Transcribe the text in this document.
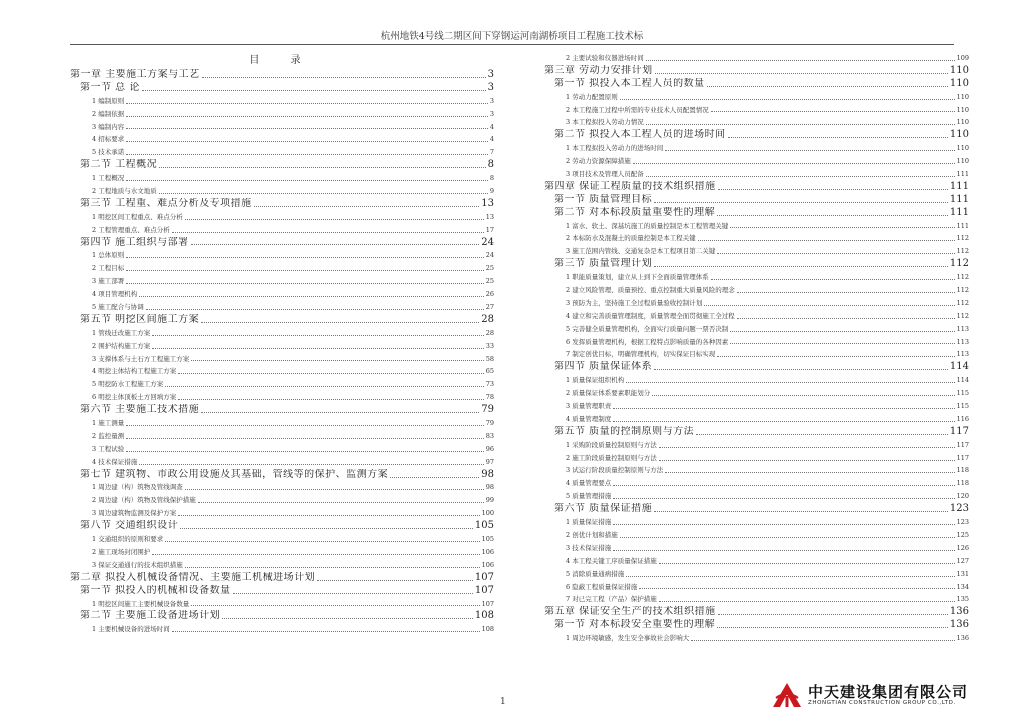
杭州地铁4号线二期区间下穿钢运河南湖桥项目工程施工技术标
目 录
第一章 主要施工方案与工艺	3
第一节 总 论	3
1 编制原则	3
2 编制依据	3
3 编制内容	4
4 招标要求	4
5 技术承诺	7
第二节 工程概况	8
1 工程概况	8
2 工程地质与水文地质	9
第三节 工程重、难点分析及专项措施	13
1 明挖区间工程重点、难点分析	13
2 工程管理重点、难点分析	17
第四节 施工组织与部署	24
1 总体原则	24
2 工程目标	25
3 施工部署	25
4 项目管理机构	26
5 施工配合与协调	27
第五节 明挖区间施工方案	28
1 管线迁改施工方案	28
2 围护结构施工方案	33
3 支撑体系与土石方工程施工方案	58
4 明挖主体结构工程施工方案	65
5 明挖防水工程施工方案	73
6 明挖主体顶板土方回填方案	78
第六节 主要施工技术措施	79
1 施工测量	79
2 监控量测	83
3 工程试验	96
4 技术保证措施	97
第七节 建筑物、市政公用设施及其基础，管线等的保护、监测方案	98
1 周边建（构）筑物及管线调查	98
2 周边建（构）筑物及管线保护措施	99
3 周边建筑物监测及保护方案	100
第八节 交通组织设计	105
1 交通组织的原则和要求	105
2 施工现场封闭围护	106
3 保证交通通行的技术组织措施	106
第二章 拟投入机械设备情况、主要施工机械进场计划	107
第一节 拟投入的机械和设备数量	107
1 明挖区间施工主要机械设备数量	107
第二节 主要施工设备进场计划	108
1 主要机械设备的进场时间	108
2 主要试验和仪器进场时间	109
第三章 劳动力安排计划	110
第一节 拟投入本工程人员的数量	110
1 劳动力配置原则	110
2 本工程施工过程中所需的专业技术人员配置情况	110
3 本工程拟投入劳动力情况	110
第二节 拟投入本工程人员的进场时间	110
1 本工程拟投入劳动力的进场时间	110
2 劳动力资源保障措施	110
3 项目技术及管理人员配备	111
第四章 保证工程质量的技术组织措施	111
第一节 质量管理目标	111
第二节 对本标段质量重要性的理解	111
1 富水、软土、深基坑施工的质量控制是本工程管理关键	111
2 本标防水及混凝土的质量控制是本工程关键	112
3 施工范围内管线、交通复杂是本工程项目第二关键	112
第三节 质量管理计划	112
1 职能质量策划，建立从上到下全面质量管理体系	112
2 建立风险管理、质量预控、重点控制重大质量风险的理念	112
3 预防为主，坚持施工全过程质量验收控制计划	112
4 建立和完善质量管理制度，质量管理全面贯彻施工全过程	112
5 完善健全质量管理机构，全面实行质量问题一票否决制	113
6 发挥质量管理机构，根据工程特点影响质量的各种因素	113
7 制定创优目标，明确管理机构，切实保证目标实现	113
第四节 质量保证体系	114
1 质量保证组织机构	114
2 质量保证体系要素职能划分	115
3 质量管理职责	115
4 质量管理制度	116
第五节 质量的控制原则与方法	117
1 采购阶段质量控制原则与方法	117
2 施工阶段质量控制原则与方法	117
3 试运行阶段质量控制原则与方法	118
4 质量管理要点	118
5 质量管理措施	120
第六节 质量保证措施	123
1 质量保证措施	123
2 创优计划和措施	125
3 技术保证措施	126
4 本工程关键工序质量保证措施	127
5 消除质量通病措施	131
6 隐蔽工程质量保证措施	134
7 对已完工程（产品）保护措施	135
第五章 保证安全生产的技术组织措施	136
第一节 对本标段安全重要性的理解	136
1 周边环境敏感，发生安全事故社会影响大	136
1
中天建设集团有限公司
ZHONGTIAN CONSTRUCTION GROUP CO.,LTD.
